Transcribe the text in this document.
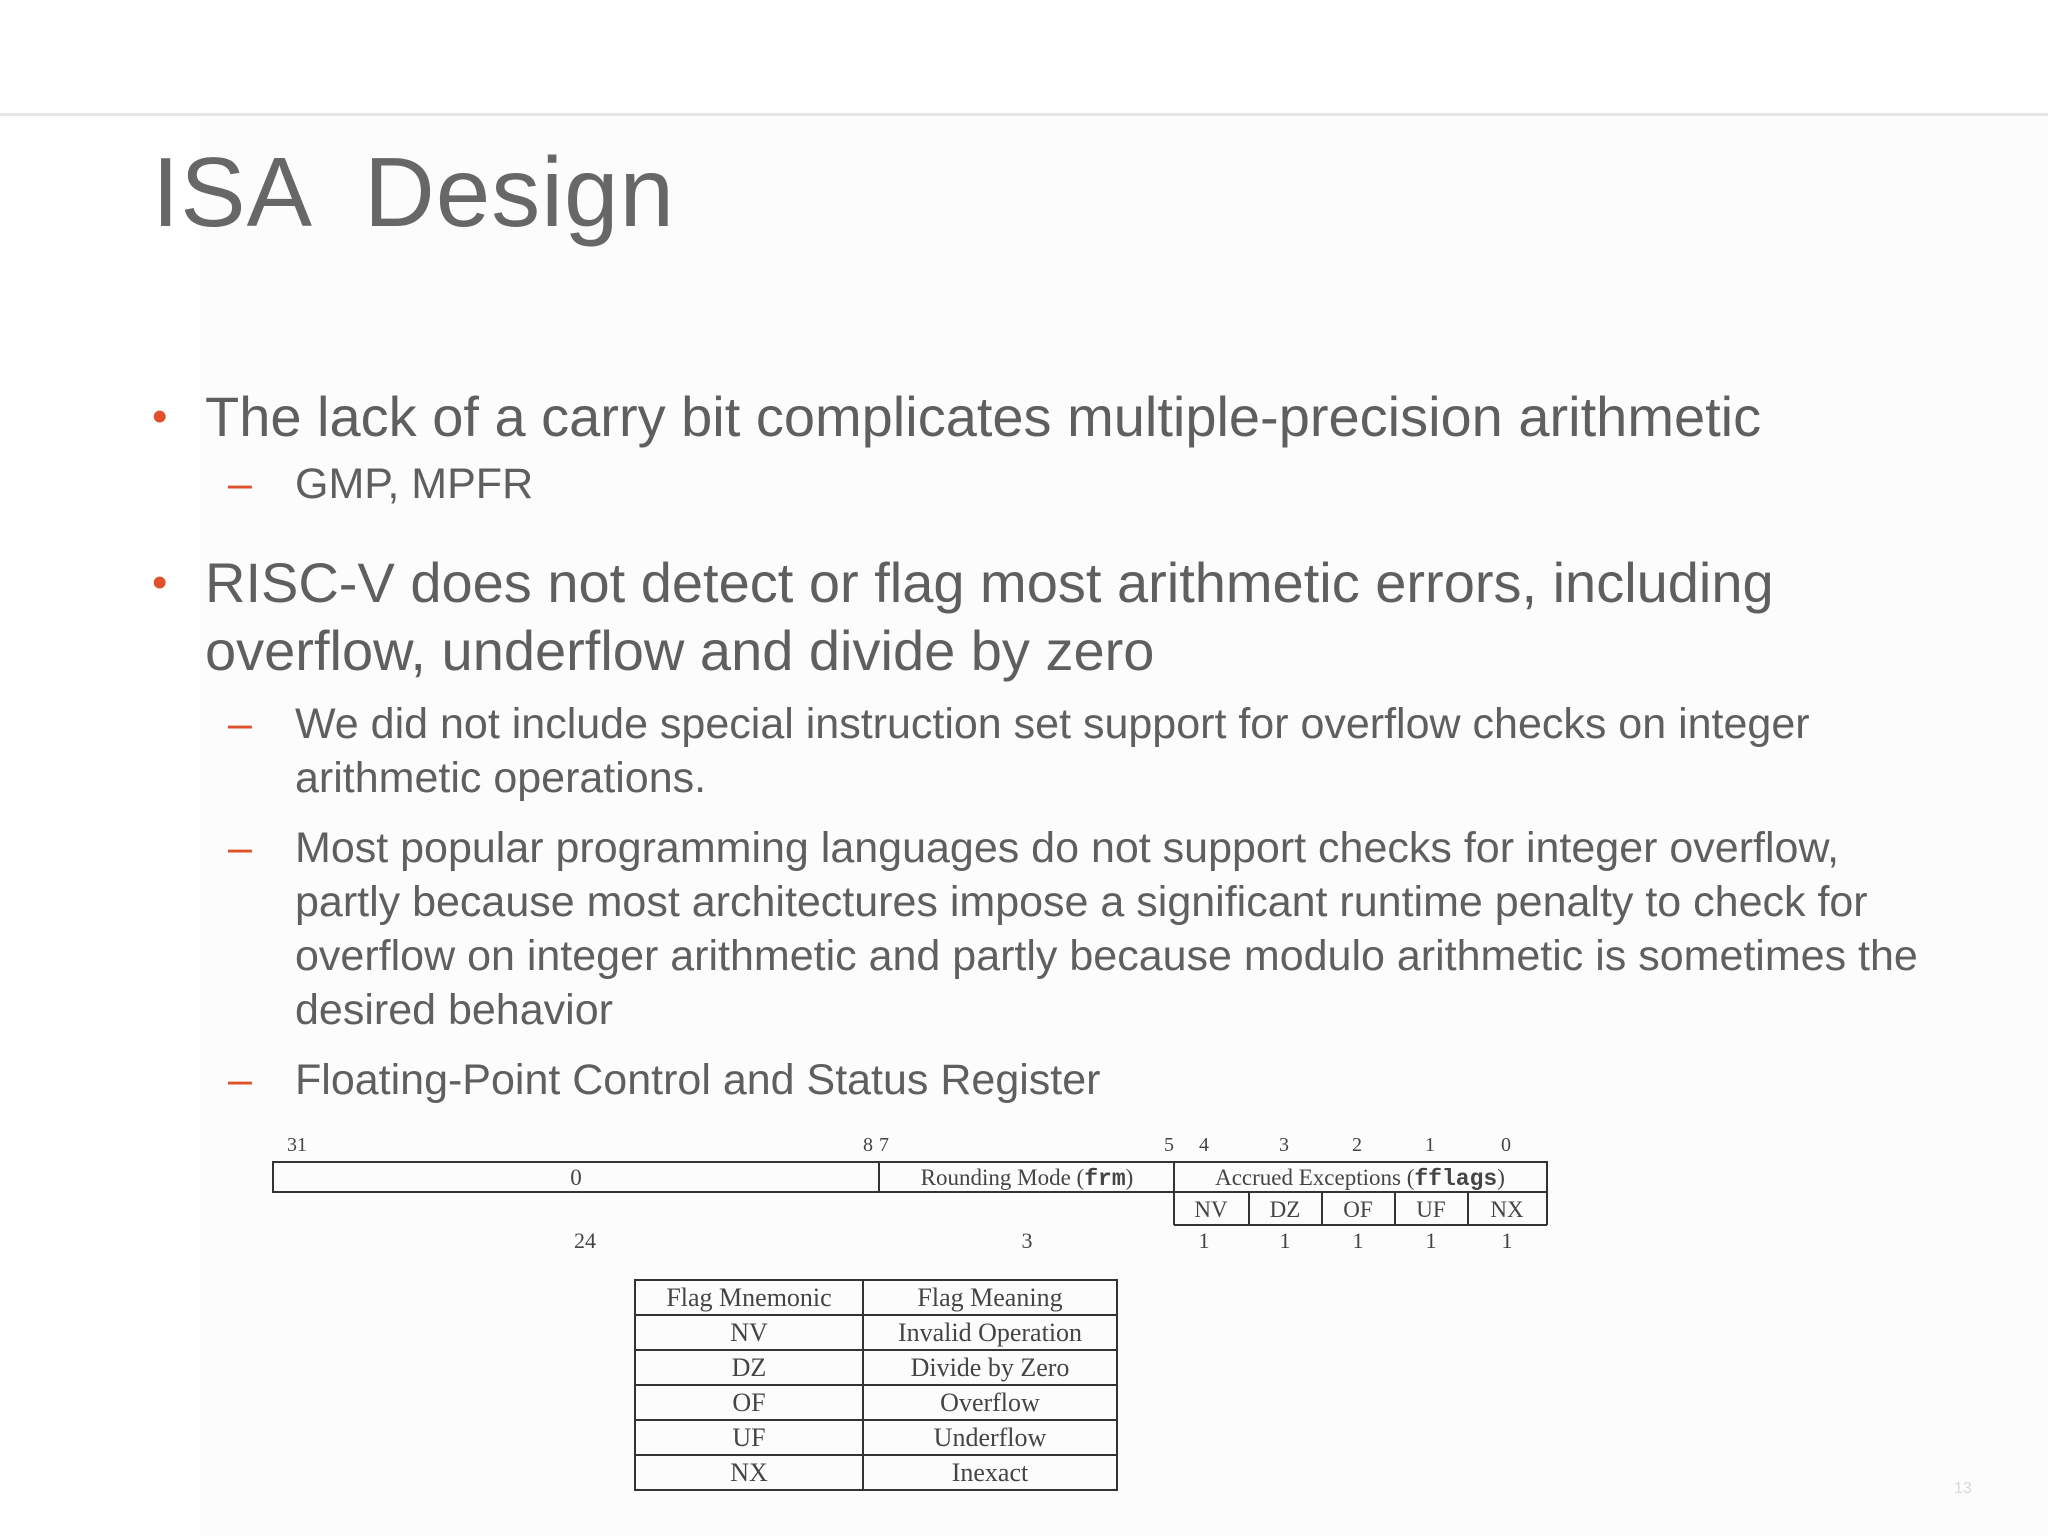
ISA  Design
• The lack of a carry bit complicates multiple-precision arithmetic
– GMP, MPFR
• RISC-V does not detect or flag most arithmetic errors, including overflow, underflow and divide by zero
– We did not include special instruction set support for overflow checks on integer arithmetic operations.
– Most popular programming languages do not support checks for integer overflow, partly because most architectures impose a significant runtime penalty to check for overflow on integer arithmetic and partly because modulo arithmetic is sometimes the desired behavior
– Floating-Point Control and Status Register
31	8 7	5 4	3	2	1	0
0	Rounding Mode (frm)	Accrued Exceptions (fflags)
NV DZ OF UF NX
24	3	1	1	1	1	1
Flag Mnemonic	Flag Meaning
NV	Invalid Operation
DZ	Divide by Zero
OF	Overflow
UF	Underflow
NX	Inexact
13
